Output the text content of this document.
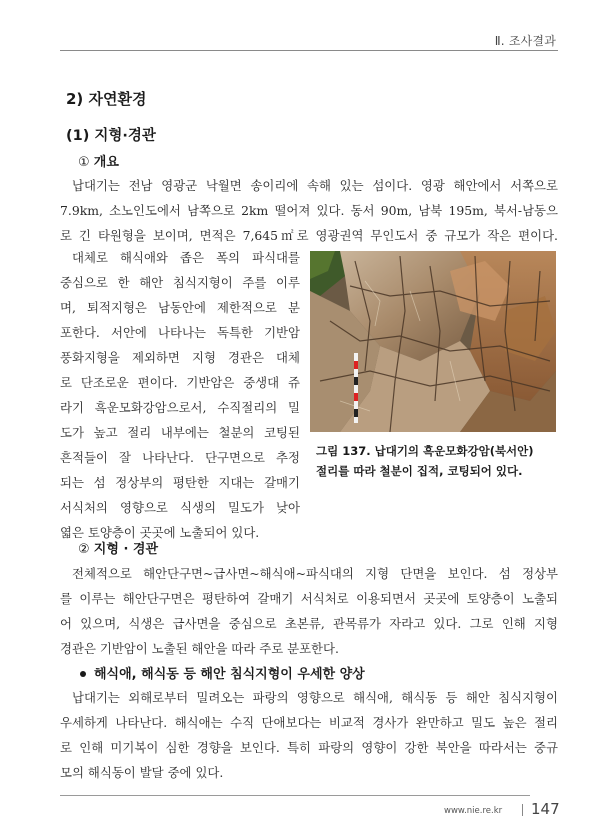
Ⅱ. 조사결과
2) 자연환경
(1) 지형·경관
① 개요
납대기는 전남 영광군 낙월면 송이리에 속해 있는 섬이다. 영광 해안에서 서쪽으로
7.9km, 소노인도에서 남쪽으로 2km 떨어져 있다. 동서 90m, 남북 195m, 북서-남동으
로 긴 타원형을 보이며, 면적은 7,645㎡로 영광권역 무인도서 중 규모가 작은 편이다.
대체로 해식애와 좁은 폭의 파식대를
중심으로 한 해안 침식지형이 주를 이루
며, 퇴적지형은 남동안에 제한적으로 분
포한다. 서안에 나타나는 독특한 기반암
풍화지형을 제외하면 지형 경관은 대체
로 단조로운 편이다. 기반암은 중생대 쥬
라기 흑운모화강암으로서, 수직절리의 밀
도가 높고 절리 내부에는 철분의 코팅된
흔적들이 잘 나타난다. 단구면으로 추정
되는 섬 정상부의 평탄한 지대는 갈매기
서식처의 영향으로 식생의 밀도가 낮아
엷은 토양층이 곳곳에 노출되어 있다.
그림 137. 납대기의 흑운모화강암(북서안)
절리를 따라 철분이 집적, 코팅되어 있다.
② 지형 · 경관
전체적으로 해안단구면~급사면~해식애~파식대의 지형 단면을 보인다. 섬 정상부
를 이루는 해안단구면은 평탄하여 갈매기 서식처로 이용되면서 곳곳에 토양층이 노출되
어 있으며, 식생은 급사면을 중심으로 초본류, 관목류가 자라고 있다. 그로 인해 지형
경관은 기반암이 노출된 해안을 따라 주로 분포한다.
해식애, 해식동 등 해안 침식지형이 우세한 양상
납대기는 외해로부터 밀려오는 파랑의 영향으로 해식애, 해식동 등 해안 침식지형이
우세하게 나타난다. 해식애는 수직 단애보다는 비교적 경사가 완만하고 밀도 높은 절리
로 인해 미기복이 심한 경향을 보인다. 특히 파랑의 영향이 강한 북안을 따라서는 중규
모의 해식동이 발달 중에 있다.
www.nie.re.kr 147
